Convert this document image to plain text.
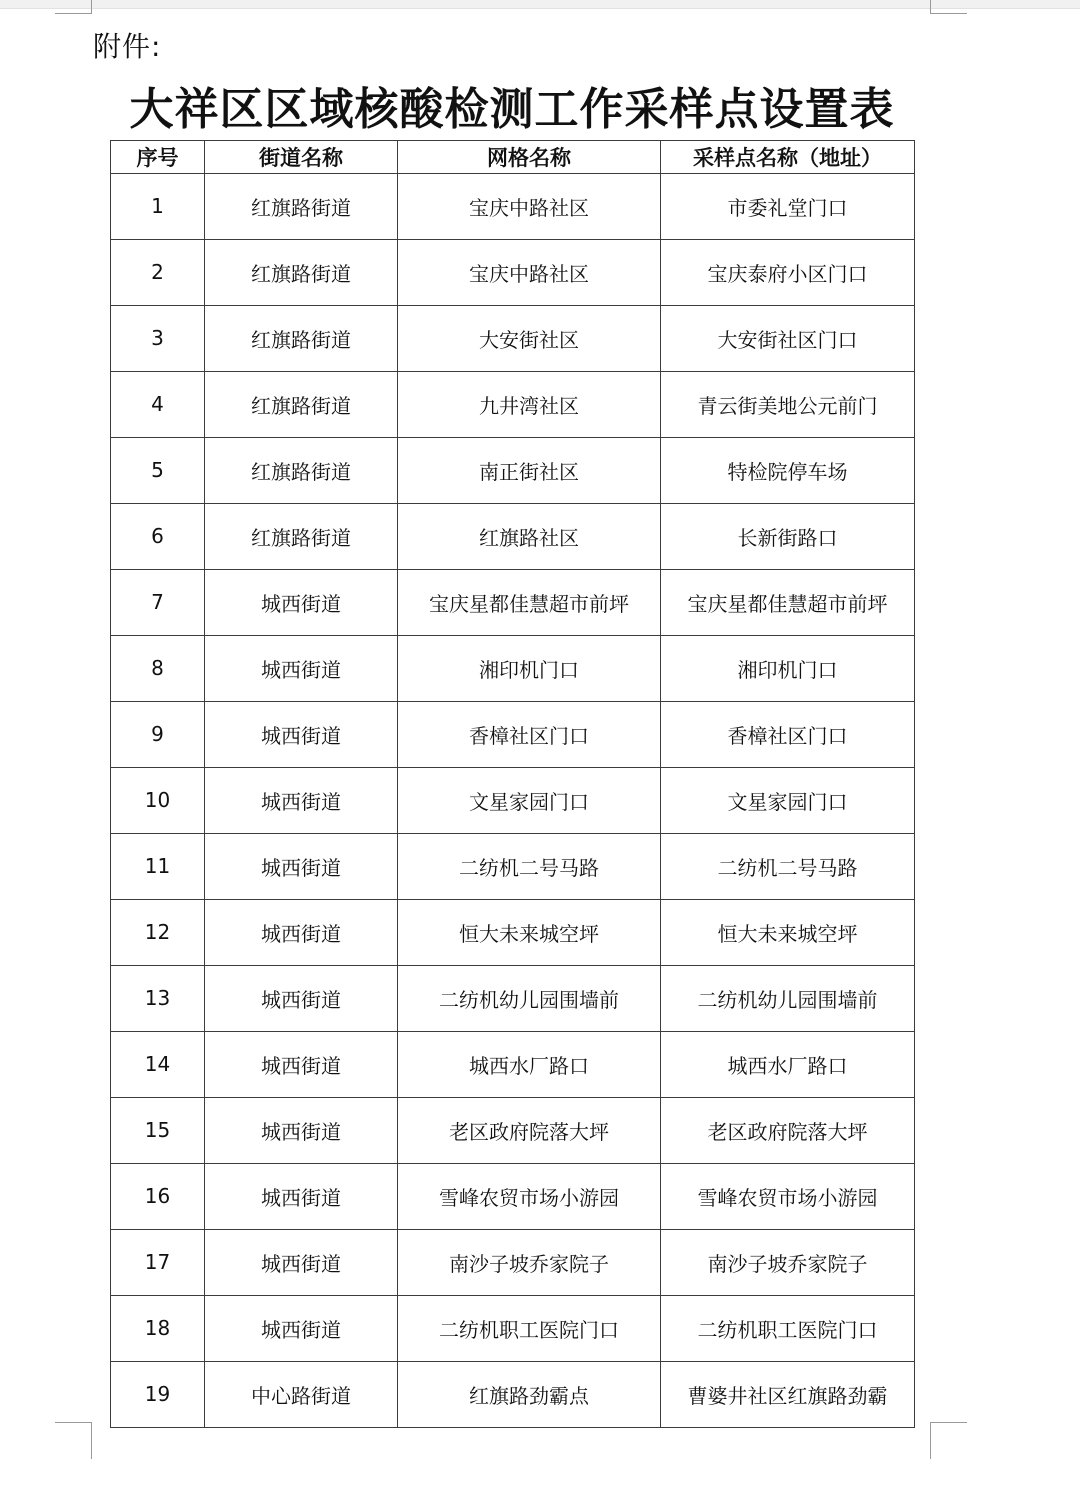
附件:
大祥区区域核酸检测工作采样点设置表
序号	街道名称	网格名称	采样点名称（地址）
1	红旗路街道	宝庆中路社区	市委礼堂门口
2	红旗路街道	宝庆中路社区	宝庆泰府小区门口
3	红旗路街道	大安街社区	大安街社区门口
4	红旗路街道	九井湾社区	青云街美地公元前门
5	红旗路街道	南正街社区	特检院停车场
6	红旗路街道	红旗路社区	长新街路口
7	城西街道	宝庆星都佳慧超市前坪	宝庆星都佳慧超市前坪
8	城西街道	湘印机门口	湘印机门口
9	城西街道	香樟社区门口	香樟社区门口
10	城西街道	文星家园门口	文星家园门口
11	城西街道	二纺机二号马路	二纺机二号马路
12	城西街道	恒大未来城空坪	恒大未来城空坪
13	城西街道	二纺机幼儿园围墙前	二纺机幼儿园围墙前
14	城西街道	城西水厂路口	城西水厂路口
15	城西街道	老区政府院落大坪	老区政府院落大坪
16	城西街道	雪峰农贸市场小游园	雪峰农贸市场小游园
17	城西街道	南沙子坡乔家院子	南沙子坡乔家院子
18	城西街道	二纺机职工医院门口	二纺机职工医院门口
19	中心路街道	红旗路劲霸点	曹婆井社区红旗路劲霸
